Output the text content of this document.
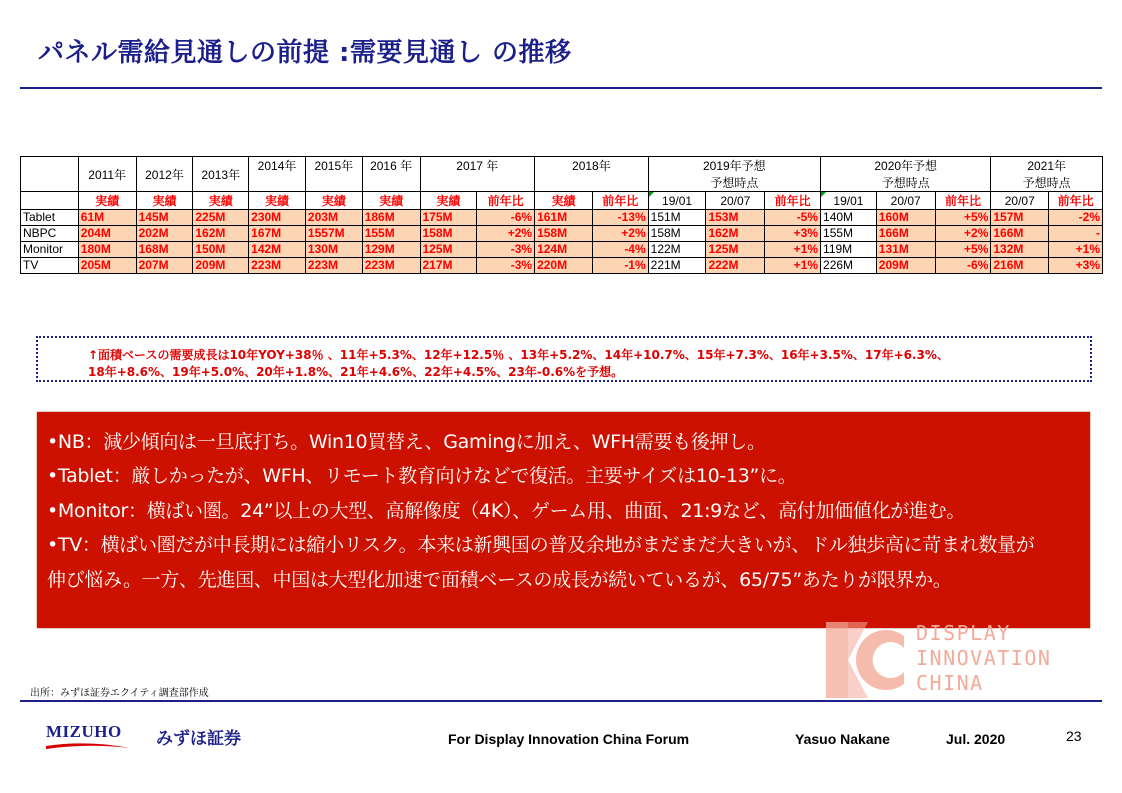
パネル需給見通しの前提 :需要見通し の推移
	2011年	2012年	2013年	2014年	2015年	2016 年	2017 年		2018年		2019年予想			2020年予想			2021年	
											予想時点			予想時点			予想時点	
	実績	実績	実績	実績	実績	実績	実績	前年比	実績	前年比	19/01	20/07	前年比	19/01	20/07	前年比	20/07	前年比
Tablet	61M	145M	225M	230M	203M	186M	175M	-6%	161M	-13%	151M	153M	-5%	140M	160M	+5%	157M	-2%
NBPC	204M	202M	162M	167M	1557M	155M	158M	+2%	158M	+2%	158M	162M	+3%	155M	166M	+2%	166M	-
Monitor	180M	168M	150M	142M	130M	129M	125M	-3%	124M	-4%	122M	125M	+1%	119M	131M	+5%	132M	+1%
TV	205M	207M	209M	223M	223M	223M	217M	-3%	220M	-1%	221M	222M	+1%	226M	209M	-6%	216M	+3%

↑面積ベースの需要成長は10年YOY+38％ 、11年+5.3%、12年+12.5％ 、13年+5.2%、14年+10.7%、15年+7.3%、16年+3.5%、17年+6.3%、

18年+8.6%、19年+5.0%、20年+1.8%、21年+4.6%、22年+4.5%、23年-0.6%を予想。

•NB：減少傾向は一旦底打ち。Win10買替え、Gamingに加え、WFH需要も後押し。

•Tablet：厳しかったが、WFH、リモート教育向けなどで復活。主要サイズは10-13”に。

•Monitor：横ばい圏。24”以上の大型、高解像度（4K）、ゲーム用、曲面、21:9など、高付加価値化が進む。

•TV：横ばい圏だが中長期には縮小リスク。本来は新興国の普及余地がまだまだ大きいが、ドル独歩高に苛まれ数量が

伸び悩み。一方、先進国、中国は大型化加速で面積ベースの成長が続いているが、65/75”あたりが限界か。

DISPLAY
INNOVATION
CHINA
出所：みずほ証券エクイティ調査部作成
MIZUHO みずほ証券	For Display Innovation China Forum	Yasuo Nakane	Jul. 2020	23
